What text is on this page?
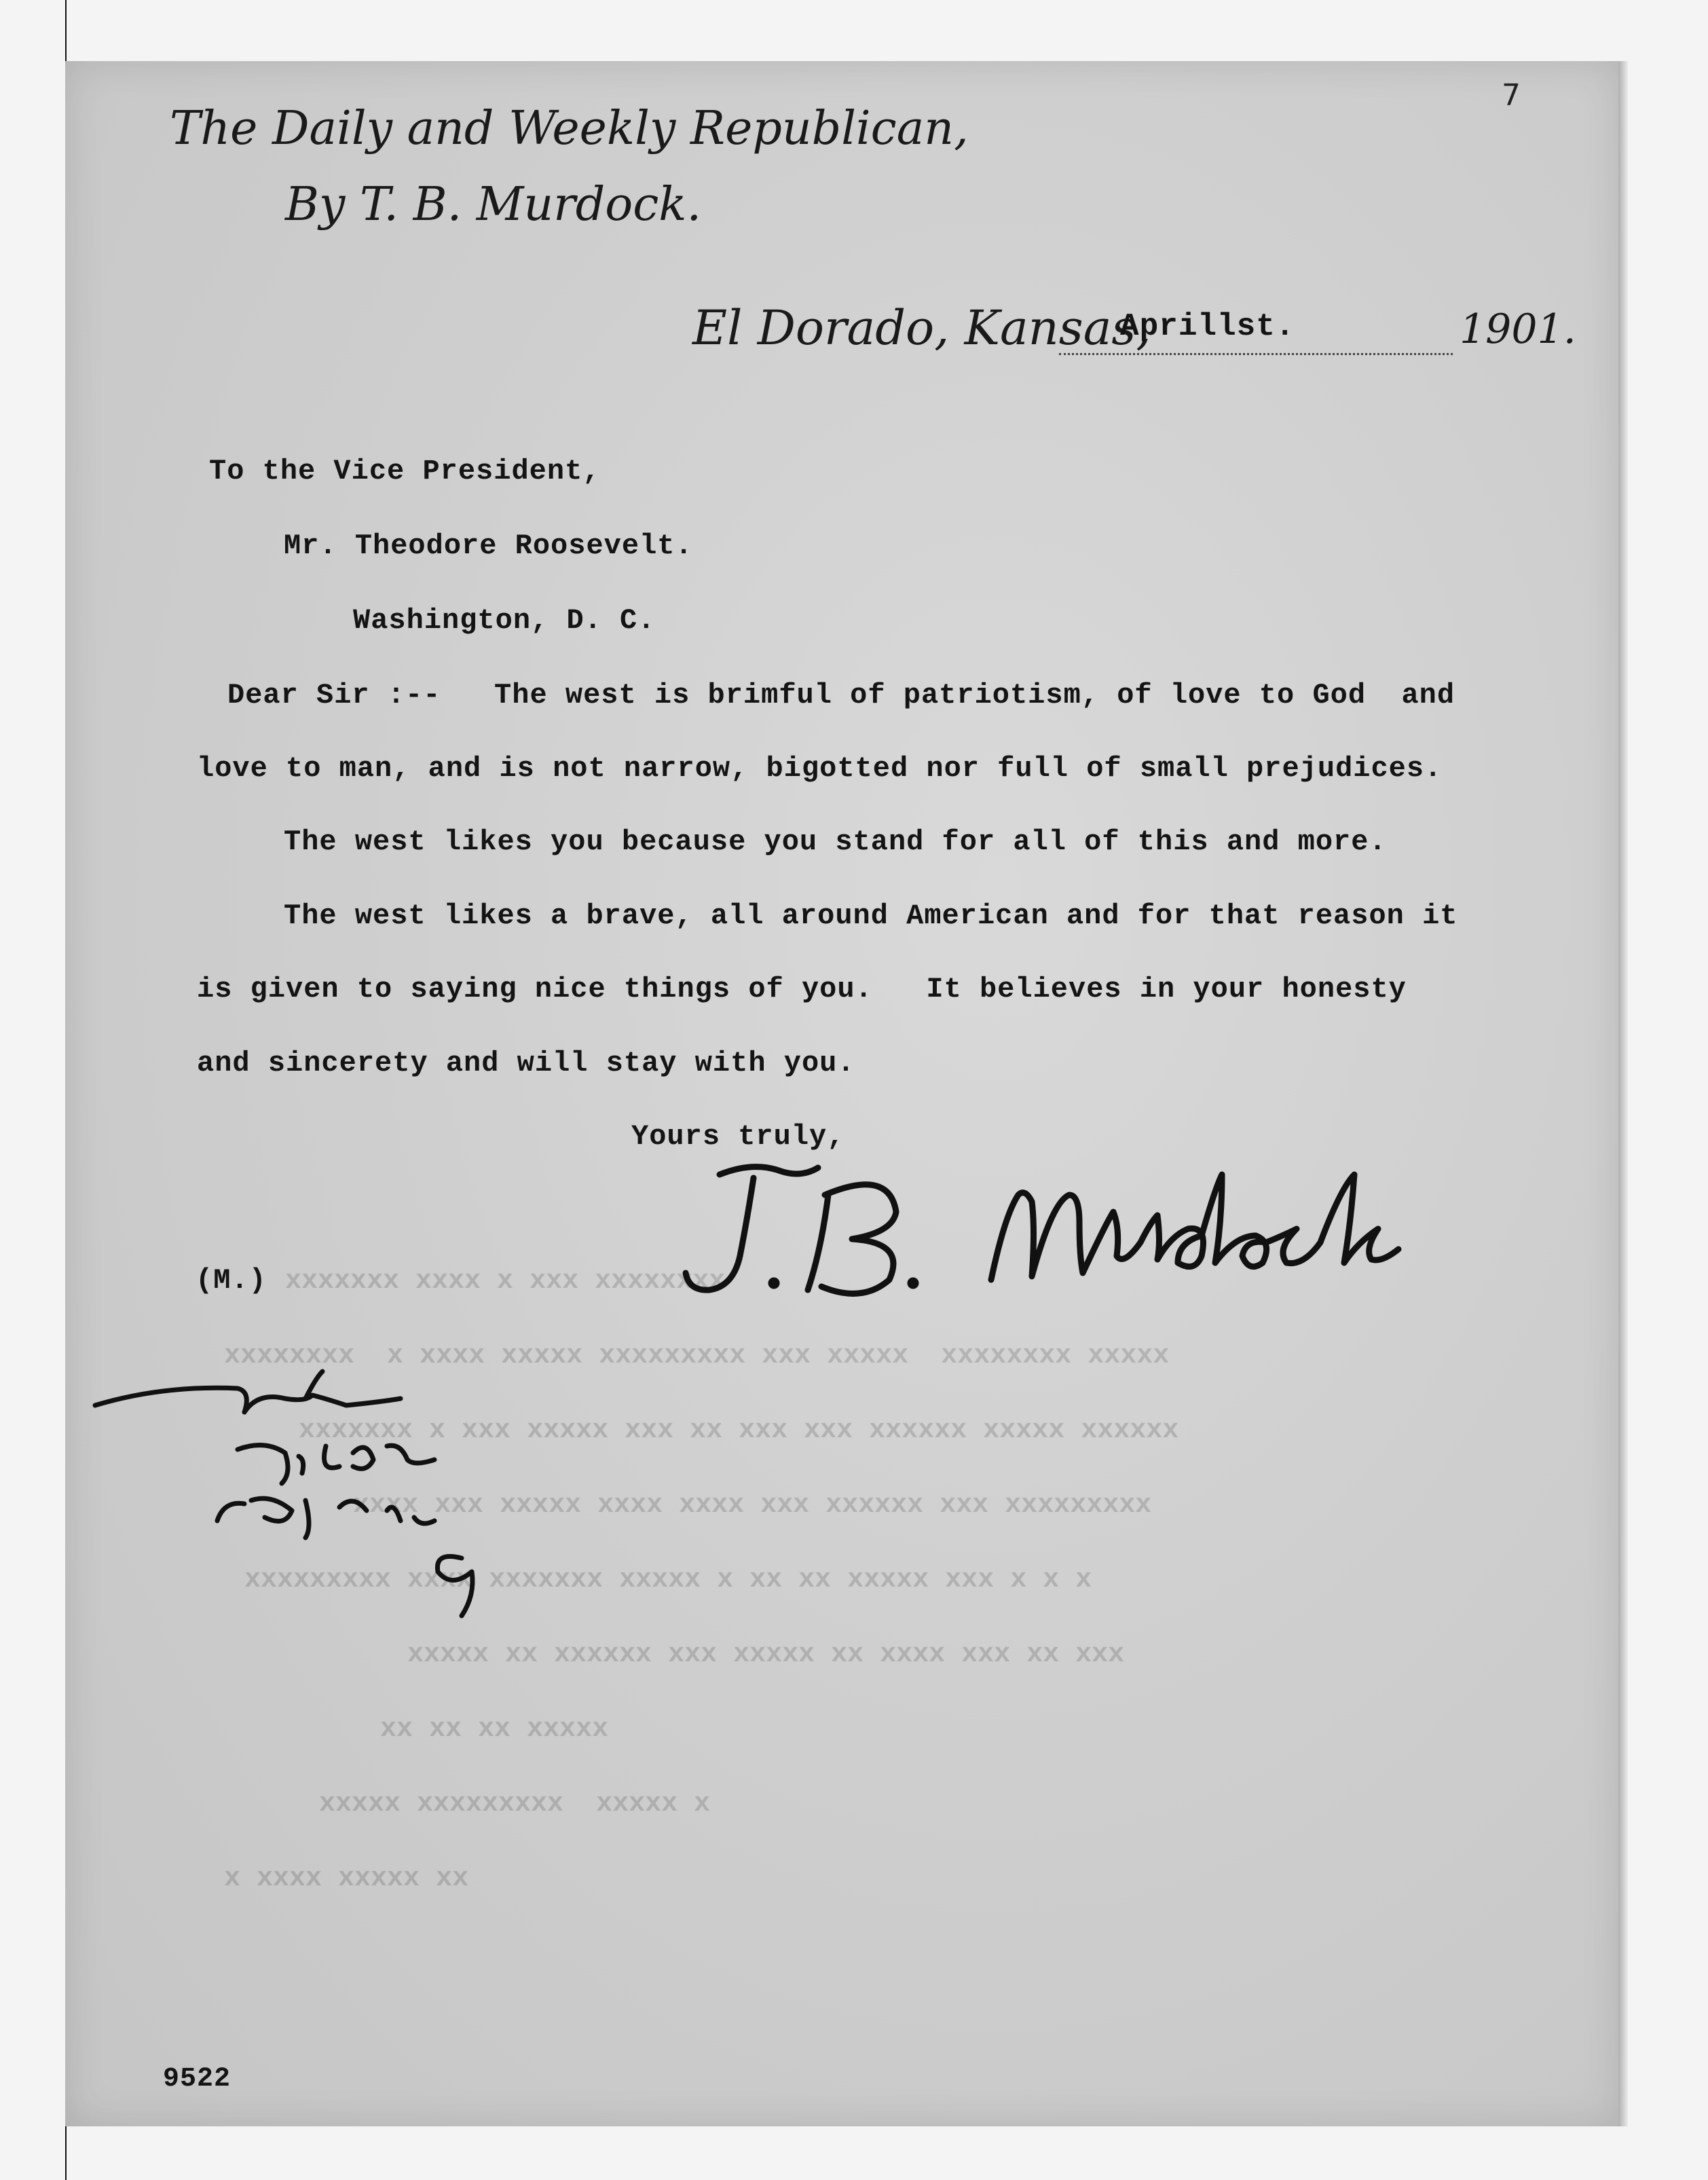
7
The Daily and Weekly Republican,
By T. B. Murdock.
El Dorado, Kansas,
Aprillst.	1901.
xxxxxxxx xxx x xxxx xxxxxxx
xxxxx xxxxxxxx  xxxxx xxx xxxxxxxxx xxxxx xxxx x  xxxxxxxx
xxxxxx xxxxx xxxxxx xxx xxx xx xxx xxxxx xxx x xxxxxxx
xxxxxxxxx xxx xxxxxx xxx xxxx xxxx xxxxx xxx xxxx
x x x xxx xxxxx xx xx x xxxxx xxxxxxx xxxx xxxxxxxxx
xxx xx xxx xxxx xx xxxxx xxx xxxxxx xx xxxxx
xxxxx xx xx xx
x xxxxx  xxxxxxxxx xxxxx
xx xxxxx xxxx x
To the Vice President,
Mr. Theodore Roosevelt.
Washington, D. C.
Dear Sir :--   The west is brimful of patriotism, of love to God  and
love to man, and is not narrow, bigotted nor full of small prejudices.
The west likes you because you stand for all of this and more.
The west likes a brave, all around American and for that reason it
is given to saying nice things of you.   It believes in your honesty
and sincerety and will stay with you.
Yours truly,
(M.)
9522
